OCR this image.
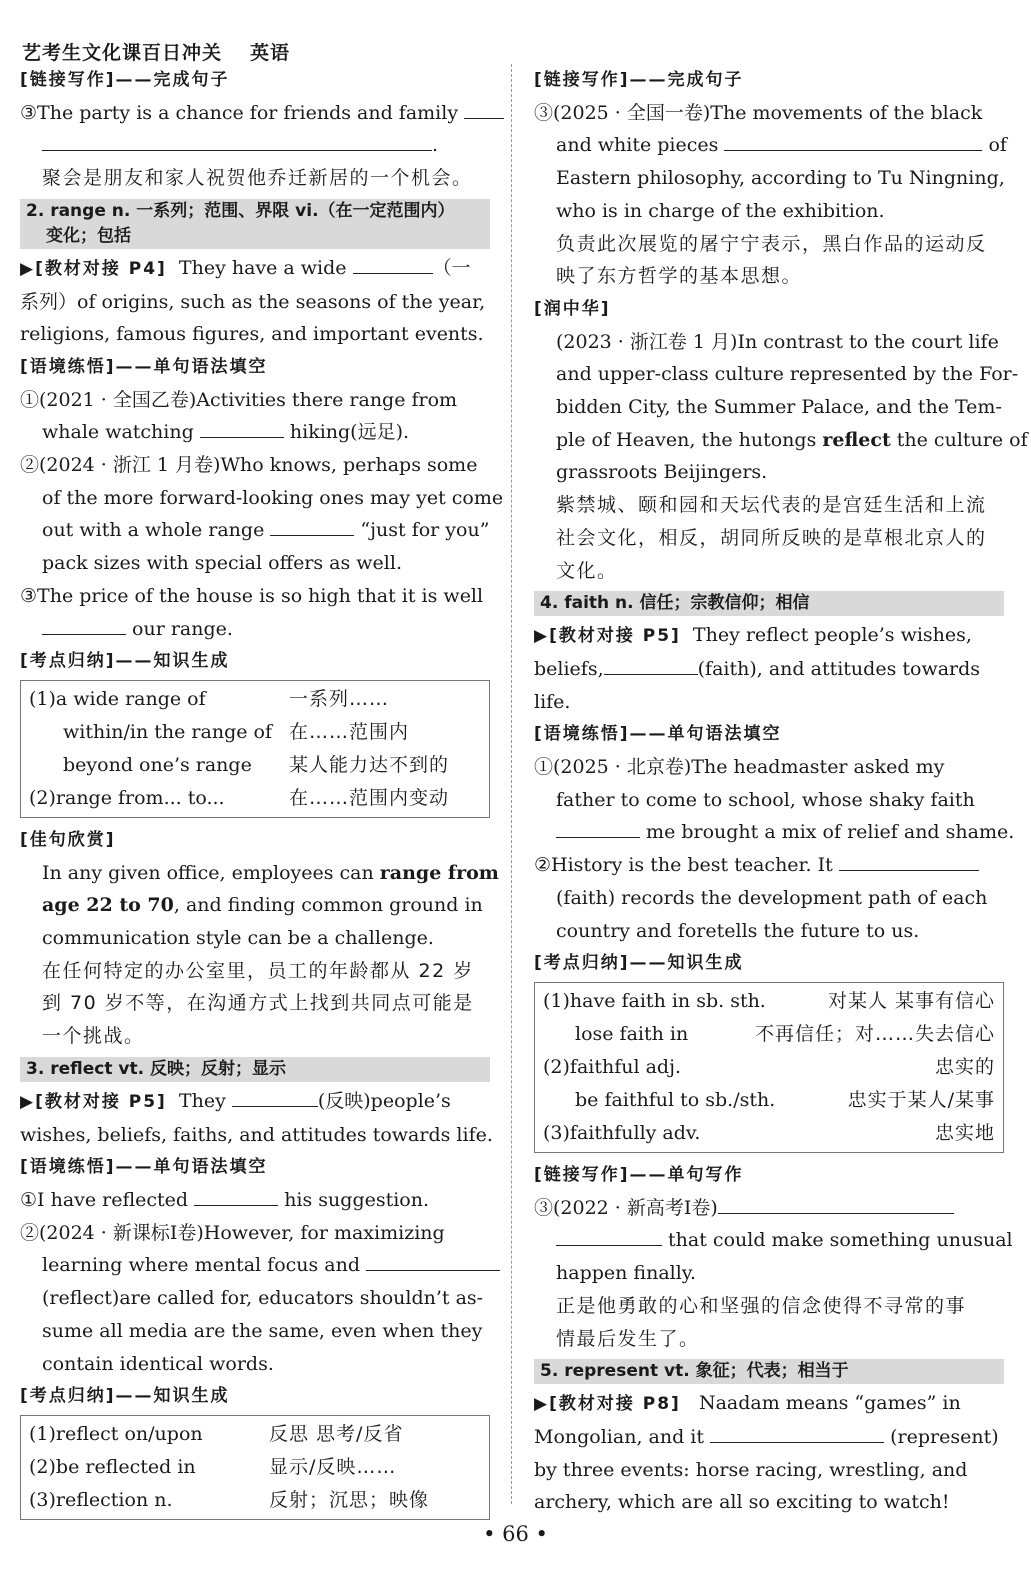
艺考生文化课百日冲关 英语
[链接写作]——完成句子
③The party is a chance for friends and family
.
聚会是朋友和家人祝贺他乔迁新居的一个机会。
2. range n. 一系列；范围、界限 vi.（在一定范围内）
变化；包括
▶[教材对接 P4] They have a wide	（一
系列）of origins, such as the seasons of the year,
religions, famous figures, and important events.
[语境练悟]——单句语法填空
①(2021 · 全国乙卷)Activities there range from
whale watching	hiking(远足).
②(2024 · 浙江 1 月卷)Who knows, perhaps some
of the more forward-looking ones may yet come
out with a whole range	“just for you”
pack sizes with special offers as well.
③The price of the house is so high that it is well
our range.
[考点归纳]——知识生成
(1)a wide range of	一系列……
within/in the range of 在……范围内
beyond one’s range	某人能力达不到的
(2)range from... to...	在……范围内变动
[佳句欣赏]
In any given office, employees can range from
age 22 to 70, and finding common ground in
communication style can be a challenge.
在任何特定的办公室里，员工的年龄都从 22 岁
到 70 岁不等，在沟通方式上找到共同点可能是
一个挑战。
3. reflect vt. 反映；反射；显示
▶[教材对接 P5] They	(反映)people’s
wishes, beliefs, faiths, and attitudes towards life.
[语境练悟]——单句语法填空
①I have reflected	his suggestion.
②(2024 · 新课标Ⅰ卷)However, for maximizing
learning where mental focus and
(reflect)are called for, educators shouldn’t as-
sume all media are the same, even when they
contain identical words.
[考点归纳]——知识生成
(1)reflect on/upon	反思 思考/反省
(2)be reflected in	显示/反映……
(3)reflection n.	反射；沉思；映像
[链接写作]——完成句子
③(2025 · 全国一卷)The movements of the black
and white pieces	of
Eastern philosophy, according to Tu Ningning,
who is in charge of the exhibition.
负责此次展览的屠宁宁表示，黑白作品的运动反
映了东方哲学的基本思想。
[润中华]
(2023 · 浙江卷 1 月)In contrast to the court life
and upper-class culture represented by the For-
bidden City, the Summer Palace, and the Tem-
ple of Heaven, the hutongs reflect the culture of
grassroots Beijingers.
紫禁城、颐和园和天坛代表的是宫廷生活和上流
社会文化，相反，胡同所反映的是草根北京人的
文化。
4. faith n. 信任；宗教信仰；相信
▶[教材对接 P5] They reflect people’s wishes,
beliefs,	(faith), and attitudes towards
life.
[语境练悟]——单句语法填空
①(2025 · 北京卷)The headmaster asked my
father to come to school, whose shaky faith
me brought a mix of relief and shame.
②History is the best teacher. It
(faith) records the development path of each
country and foretells the future to us.
[考点归纳]——知识生成
(1)have faith in sb. sth.	对某人 某事有信心
lose faith in	不再信任；对……失去信心
(2)faithful adj.	忠实的
be faithful to sb./sth.	忠实于某人/某事
(3)faithfully adv.	忠实地
[链接写作]——单句写作
③(2022 · 新高考Ⅰ卷)
that could make something unusual
happen finally.
正是他勇敢的心和坚强的信念使得不寻常的事
情最后发生了。
5. represent vt. 象征；代表；相当于
▶[教材对接 P8] Naadam means “games” in
Mongolian, and it	(represent)
by three events: horse racing, wrestling, and
archery, which are all so exciting to watch!
• 66 •
